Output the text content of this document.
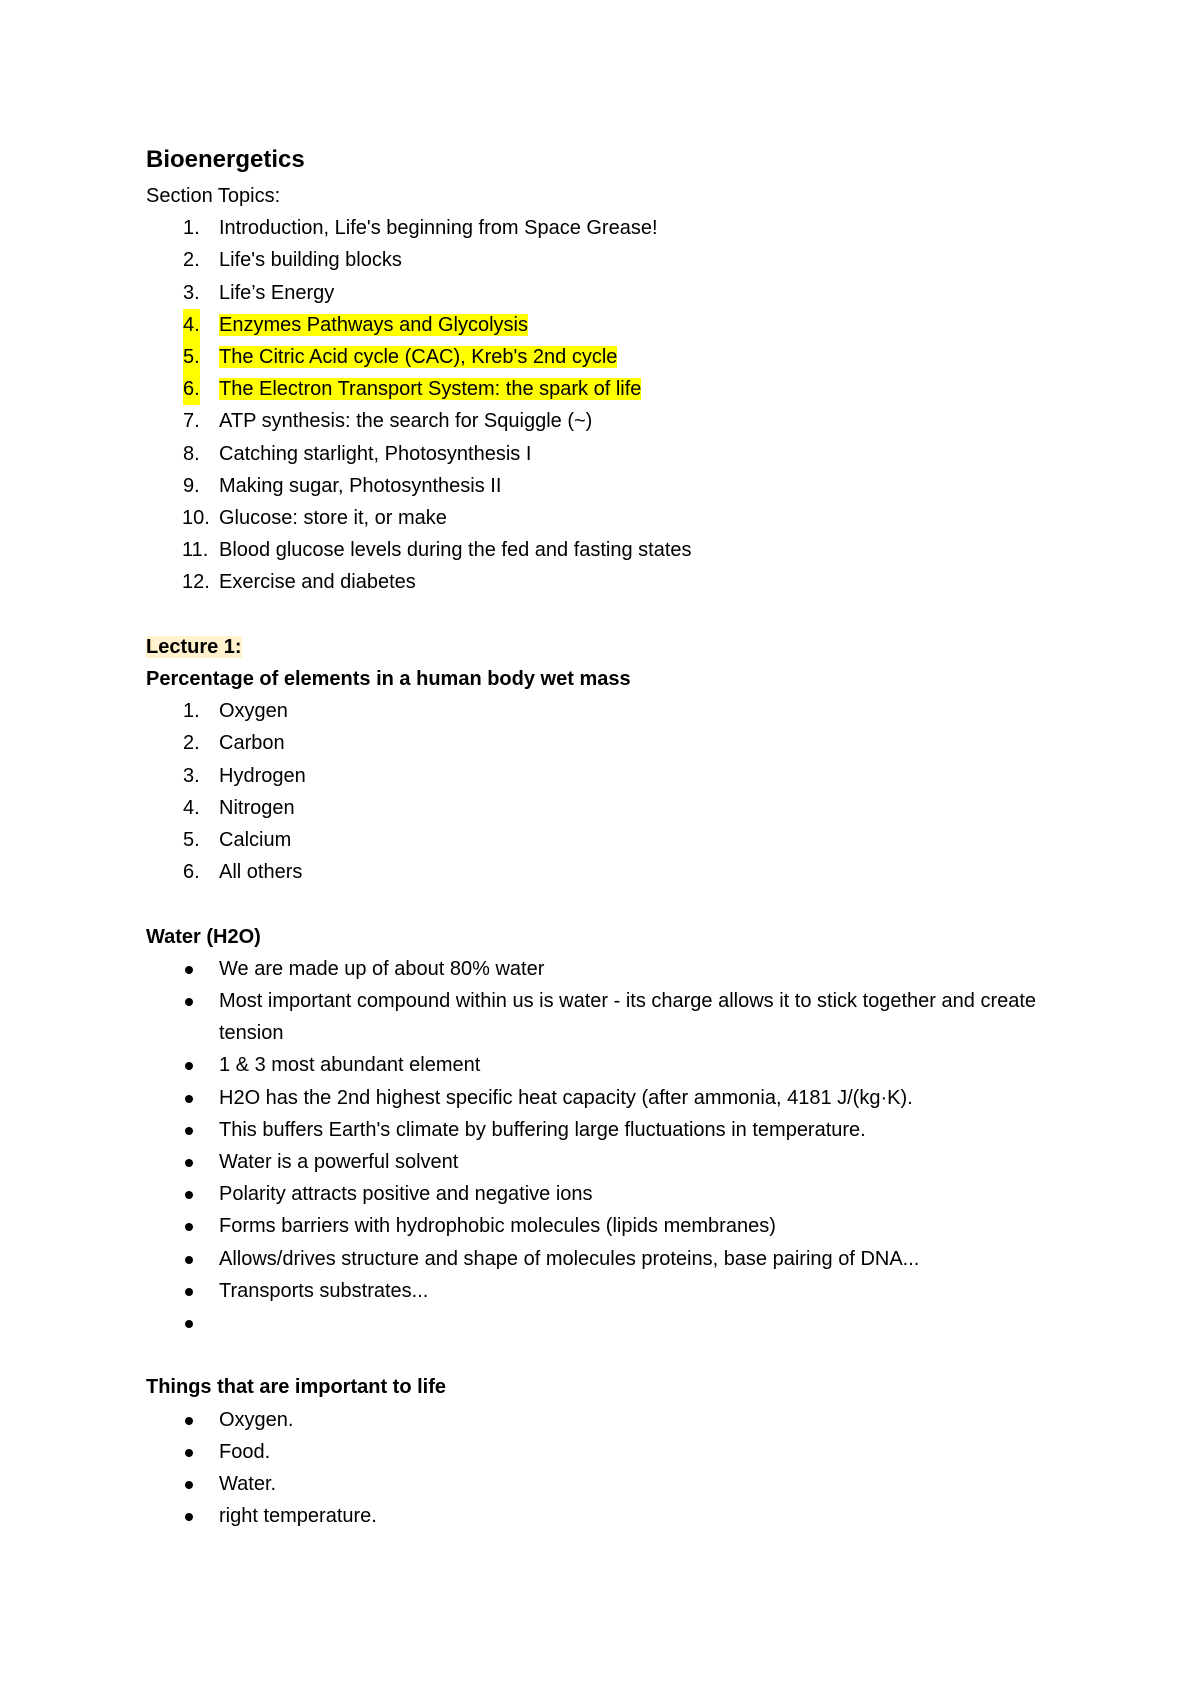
Bioenergetics
Section Topics:
1. Introduction, Life's beginning from Space Grease!
2. Life's building blocks
3. Life’s Energy
4. Enzymes Pathways and Glycolysis
5. The Citric Acid cycle (CAC), Kreb's 2nd cycle
6. The Electron Transport System: the spark of life
7. ATP synthesis: the search for Squiggle (~)
8. Catching starlight, Photosynthesis I
9. Making sugar, Photosynthesis II
10. Glucose: store it, or make
11. Blood glucose levels during the fed and fasting states
12. Exercise and diabetes
Lecture 1:
Percentage of elements in a human body wet mass
1. Oxygen
2. Carbon
3. Hydrogen
4. Nitrogen
5. Calcium
6. All others
Water (H2O)
We are made up of about 80% water
Most important compound within us is water - its charge allows it to stick together and create tension
1 & 3 most abundant element
H2O has the 2nd highest specific heat capacity (after ammonia, 4181 J/(kg·K).
This buffers Earth's climate by buffering large fluctuations in temperature.
Water is a powerful solvent
Polarity attracts positive and negative ions
Forms barriers with hydrophobic molecules (lipids membranes)
Allows/drives structure and shape of molecules proteins, base pairing of DNA...
Transports substrates...
Things that are important to life
Oxygen.
Food.
Water.
right temperature.
